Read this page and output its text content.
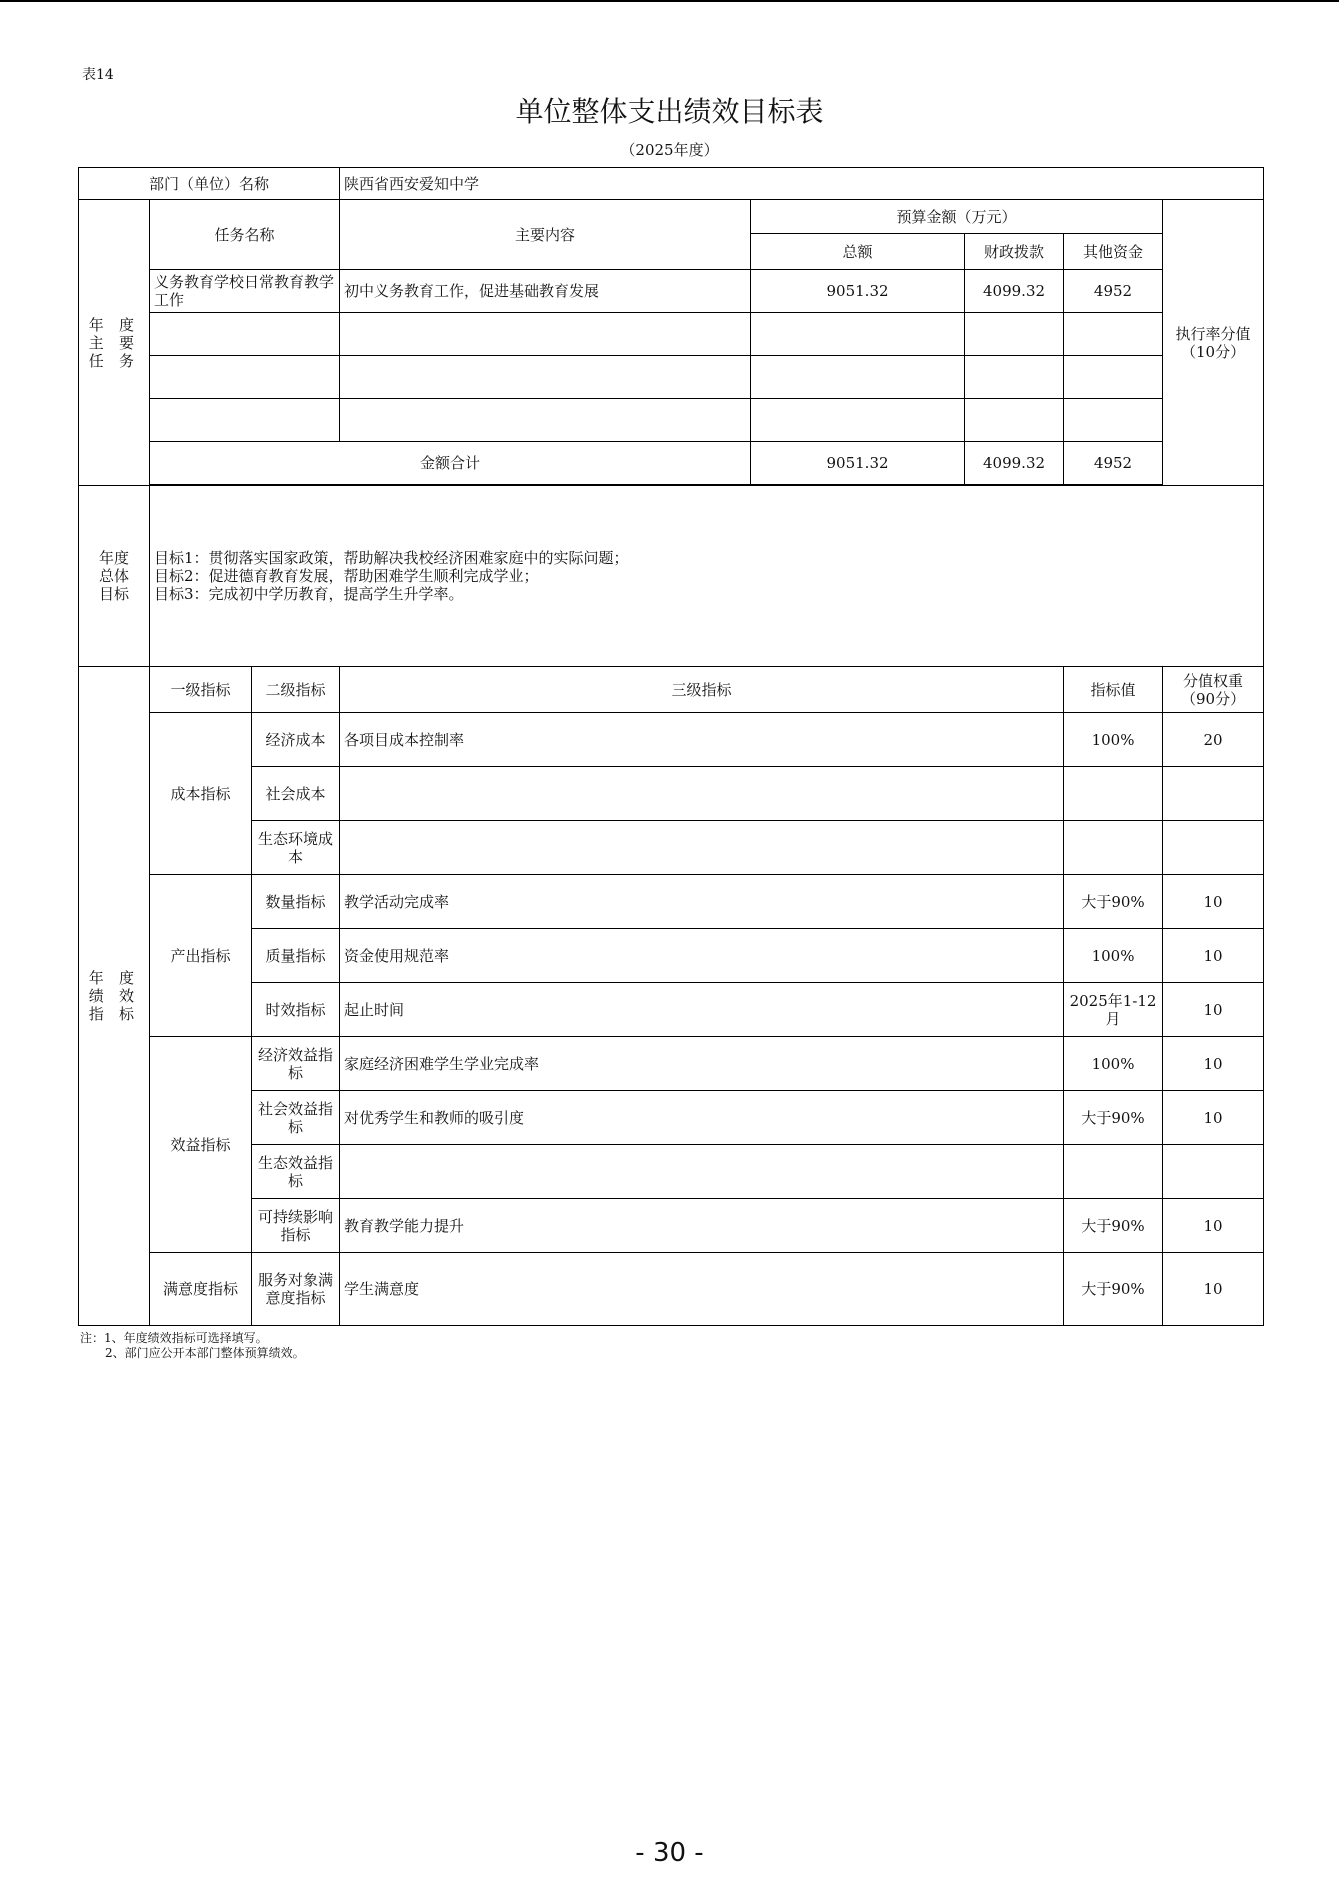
表14
单位整体支出绩效目标表
（2025年度）
部门（单位）名称			陕西省西安爱知中学				
年 度 主 要 任 务	任务名称		主要内容	预算金额（万元）			执行率分值
（10分）

				总额	财政拨款	其他资金	
	义务教育学校日常教育教学工作		初中义务教育工作，促进基础教育发展	9051.32	4099.32	4952	

	金额合计			9051.32	4099.32	4952	

年度
总体
目标	目标1：贯彻落实国家政策，帮助解决我校经济困难家庭中的实际问题；
目标2：促进德育教育发展，帮助困难学生顺利完成学业；
目标3：完成初中学历教育，提高学生升学率。						

年 度 绩 效 指 标	一级指标	二级指标	三级指标			指标值	分值权重
（90分）

	成本指标	经济成本	各项目成本控制率			100%	20
		社会成本					
		生态环境成本					
	产出指标	数量指标	教学活动完成率			大于90%	10
		质量指标	资金使用规范率			100%	10
		时效指标	起止时间			2025年1-12月	10
	效益指标	经济效益指标	家庭经济困难学生学业完成率			100%	10
		社会效益指标	对优秀学生和教师的吸引度			大于90%	10
		生态效益指标					
		可持续影响指标	教育教学能力提升			大于90%	10
	满意度指标	服务对象满意度指标	学生满意度			大于90%	10
注：1、年度绩效指标可选择填写。
2、部门应公开本部门整体预算绩效。
- 30 -
